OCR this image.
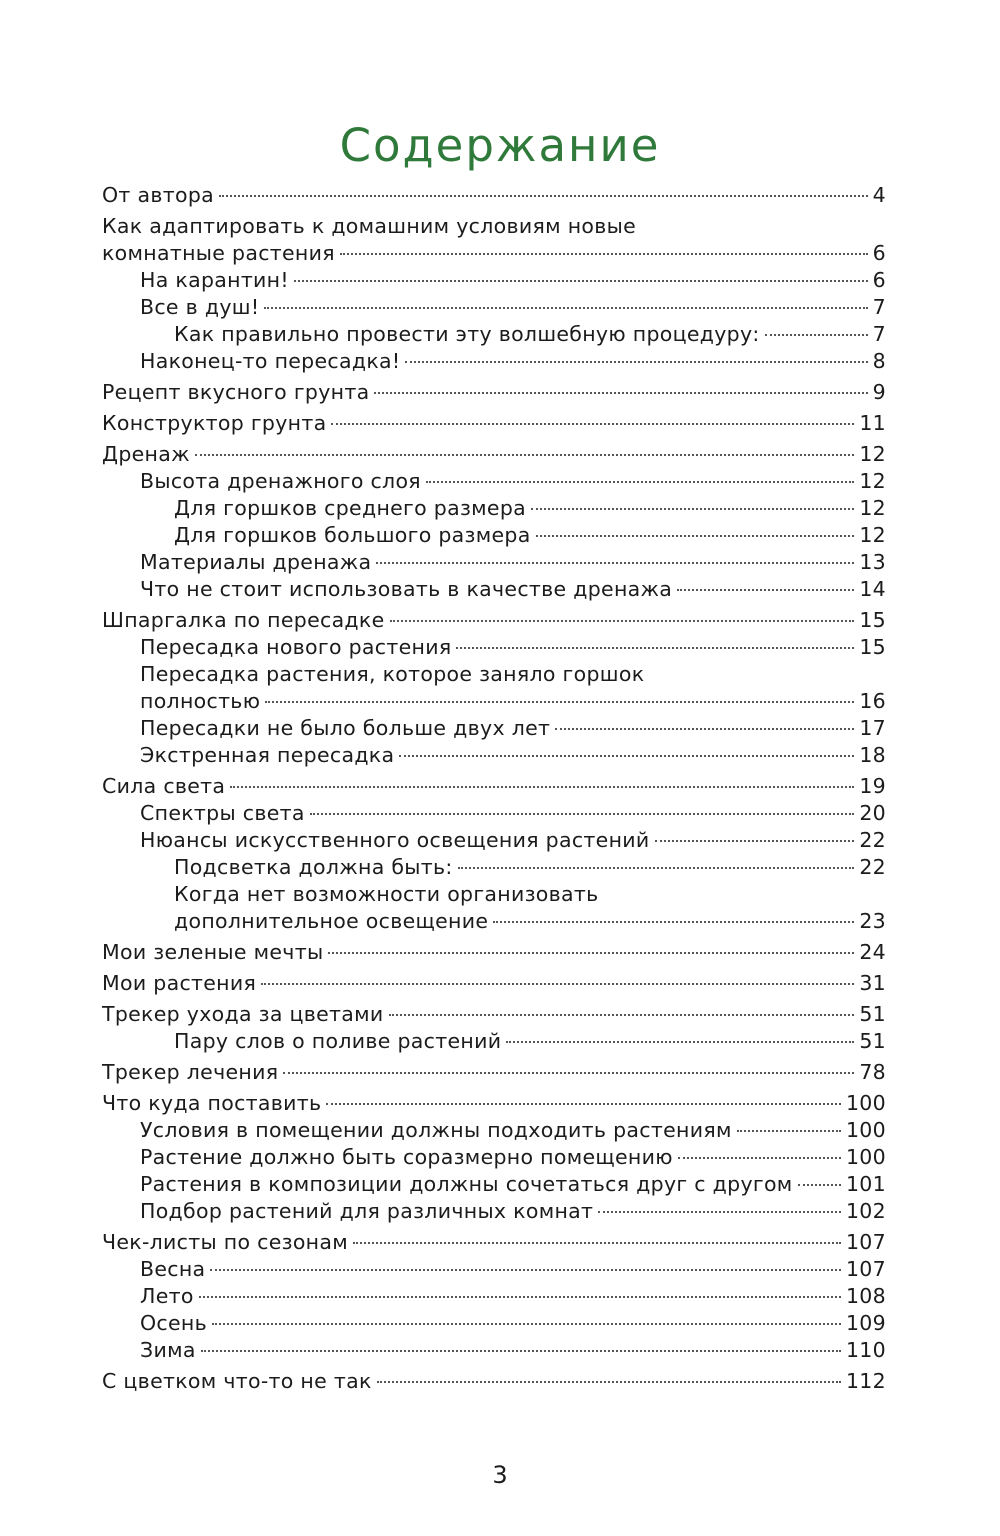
Содержание
От автора	4
Как адаптировать к домашним условиям новые
комнатные растения	6
На карантин!	6
Все в душ!	7
Как правильно провести эту волшебную процедуру:	7
Наконец-то пересадка!	8
Рецепт вкусного грунта	9
Конструктор грунта	11
Дренаж	12
Высота дренажного слоя	12
Для горшков среднего размера	12
Для горшков большого размера	12
Материалы дренажа	13
Что не стоит использовать в качестве дренажа	14
Шпаргалка по пересадке	15
Пересадка нового растения	15
Пересадка растения, которое заняло горшок
полностью	16
Пересадки не было больше двух лет	17
Экстренная пересадка	18
Сила света	19
Спектры света	20
Нюансы искусственного освещения растений	22
Подсветка должна быть:	22
Когда нет возможности организовать
дополнительное освещение	23
Мои зеленые мечты	24
Мои растения	31
Трекер ухода за цветами	51
Пару слов о поливе растений	51
Трекер лечения	78
Что куда поставить	100
Условия в помещении должны подходить растениям	100
Растение должно быть соразмерно помещению	100
Растения в композиции должны сочетаться друг с другом	101
Подбор растений для различных комнат	102
Чек-листы по сезонам	107
Весна	107
Лето	108
Осень	109
Зима	110
С цветком что-то не так	112
3
